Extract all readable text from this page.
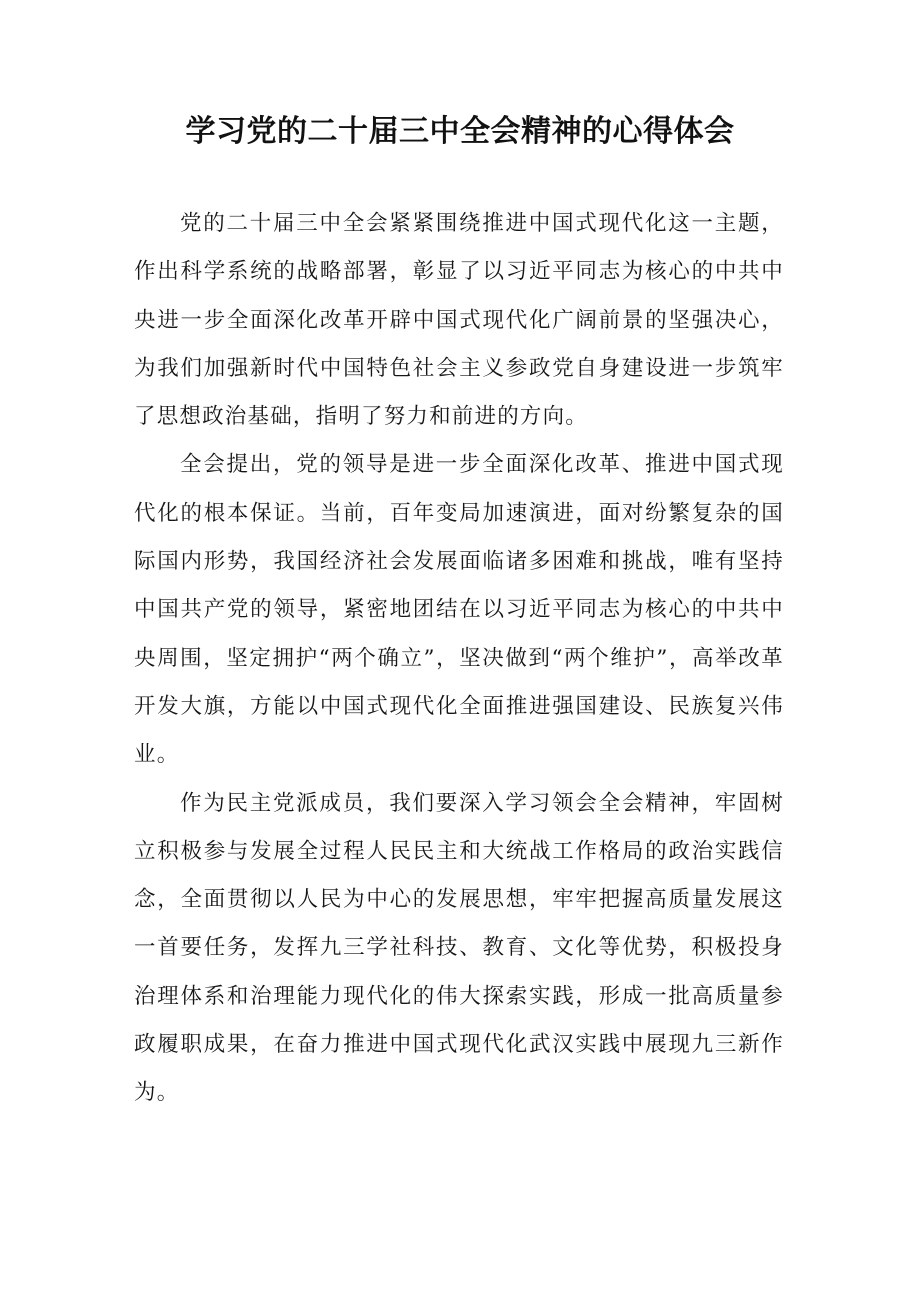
学习党的二十届三中全会精神的心得体会

党的二十届三中全会紧紧围绕推进中国式现代化这一主题，作出科学系统的战略部署，彰显了以习近平同志为核心的中共中央进一步全面深化改革开辟中国式现代化广阔前景的坚强决心，为我们加强新时代中国特色社会主义参政党自身建设进一步筑牢了思想政治基础，指明了努力和前进的方向。

全会提出，党的领导是进一步全面深化改革、推进中国式现代化的根本保证。当前，百年变局加速演进，面对纷繁复杂的国际国内形势，我国经济社会发展面临诸多困难和挑战，唯有坚持中国共产党的领导，紧密地团结在以习近平同志为核心的中共中央周围，坚定拥护“两个确立”，坚决做到“两个维护”，高举改革开发大旗，方能以中国式现代化全面推进强国建设、民族复兴伟业。

作为民主党派成员，我们要深入学习领会全会精神，牢固树立积极参与发展全过程人民民主和大统战工作格局的政治实践信念，全面贯彻以人民为中心的发展思想，牢牢把握高质量发展这一首要任务，发挥九三学社科技、教育、文化等优势，积极投身治理体系和治理能力现代化的伟大探索实践，形成一批高质量参政履职成果，在奋力推进中国式现代化武汉实践中展现九三新作为。
